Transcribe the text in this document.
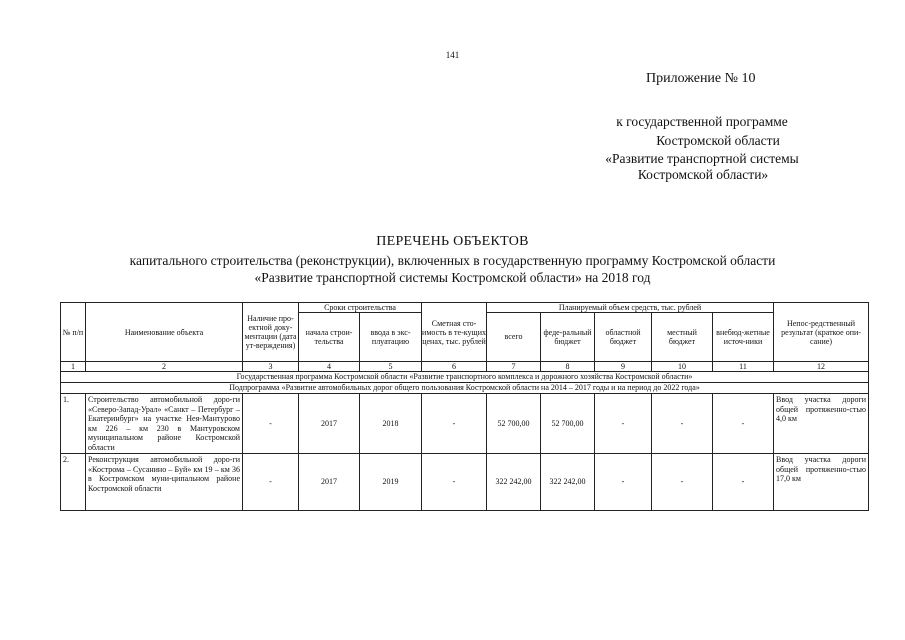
141
Приложение № 10
к государственной программе
Костромской области
«Развитие транспортной системы
Костромской области»
ПЕРЕЧЕНЬ ОБЪЕКТОВ
капитального строительства (реконструкции), включенных в государственную программу Костромской области
«Развитие транспортной системы Костромской области» на 2018 год
№ п/п	Наименование объекта	Наличие про-ектной доку-ментации (дата ут-верждения)	Сроки строительства		Сметная сто-имость в те-кущих ценах, тыс. рублей	Планируемый объем средств, тыс. рублей					Непос-редственный результат (краткое опи-сание)
			начала строи-тельства	ввода в экс-плуатацию		всего	феде-ральный бюджет	областной бюджет	местный бюджет	внебюд-жетные источ-ники	
1	2	3	4	5	6	7	8	9	10	11	12
Государственная программа Костромской области «Развитие транспортного комплекса и дорожного хозяйства Костромской области»											
Подпрограмма «Развитие автомобильных дорог общего пользования Костромской области на 2014 – 2017 годы и на период до 2022 года»											
1.	Строительство автомобильной доро-ги «Северо-Запад-Урал» «Санкт – Петербург – Екатеринбург» на участке Нея-Мантурово км 226 – км 230 в Мантуровском муниципальном районе Костромской области	-	2017	2018	-	52 700,00	52 700,00	-	-	-	Ввод участка дороги общей протяженно-стью 4,0 км
2.	Реконструкция автомобильной доро-ги «Кострома – Сусанино – Буй» км 19 – км 36 в Костромском муни-ципальном районе Костромской области	-	2017	2019	-	322 242,00	322 242,00	-	-	-	Ввод участка дороги общей протяженно-стью 17,0 км
